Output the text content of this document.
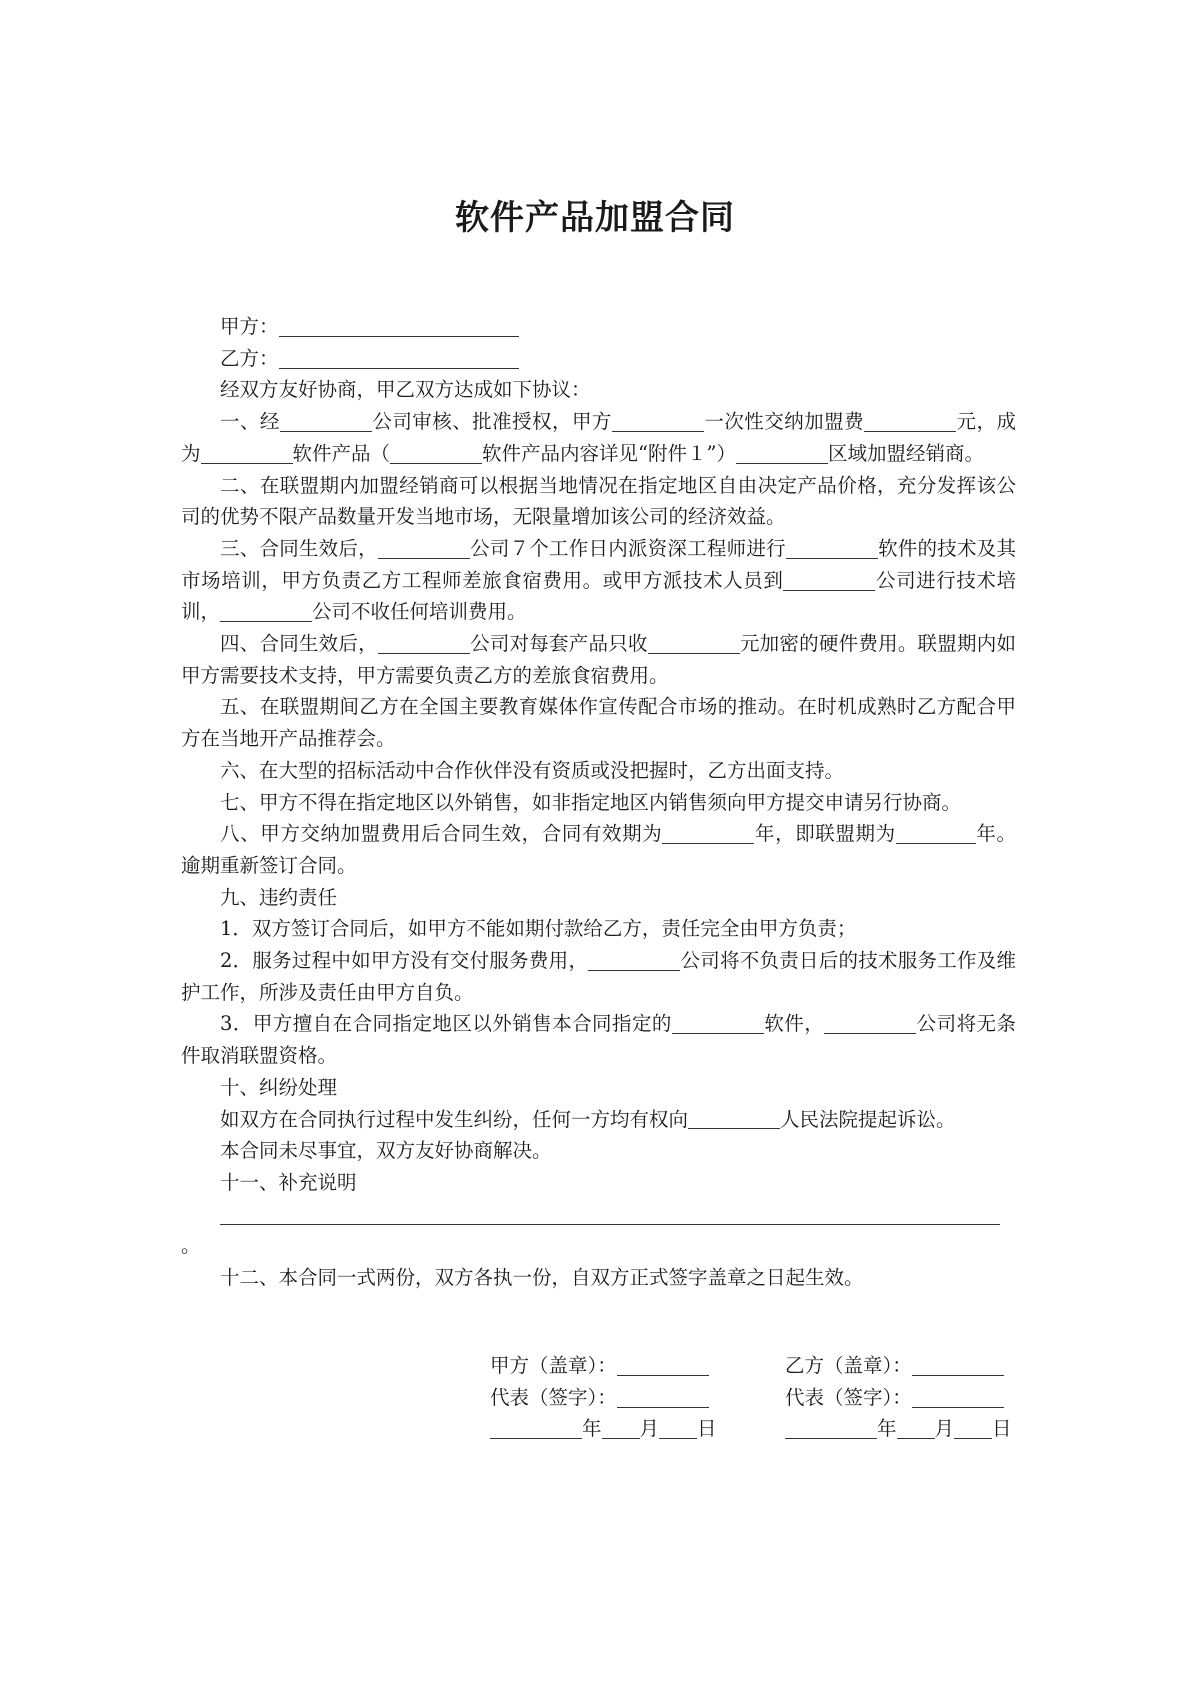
软件产品加盟合同

甲方：

乙方：

经双方友好协商，甲乙双方达成如下协议：

一、经	公司审核、批准授权，甲方	一次性交纳加盟费	元，成为	软件产品（	软件产品内容详见“附件１”）	区域加盟经销商。

二、在联盟期内加盟经销商可以根据当地情况在指定地区自由决定产品价格，充分发挥该公司的优势不限产品数量开发当地市场，无限量增加该公司的经济效益。

三、合同生效后，	公司７个工作日内派资深工程师进行	软件的技术及其市场培训，甲方负责乙方工程师差旅食宿费用。或甲方派技术人员到	公司进行技术培训，	公司不收任何培训费用。

四、合同生效后，	公司对每套产品只收	元加密的硬件费用。联盟期内如甲方需要技术支持，甲方需要负责乙方的差旅食宿费用。

五、在联盟期间乙方在全国主要教育媒体作宣传配合市场的推动。在时机成熟时乙方配合甲方在当地开产品推荐会。

六、在大型的招标活动中合作伙伴没有资质或没把握时，乙方出面支持。

七、甲方不得在指定地区以外销售，如非指定地区内销售须向甲方提交申请另行协商。

八、甲方交纳加盟费用后合同生效，合同有效期为	年，即联盟期为	年。逾期重新签订合同。

九、违约责任

1．双方签订合同后，如甲方不能如期付款给乙方，责任完全由甲方负责；

2．服务过程中如甲方没有交付服务费用，	公司将不负责日后的技术服务工作及维护工作，所涉及责任由甲方自负。

3．甲方擅自在合同指定地区以外销售本合同指定的	软件，	公司将无条件取消联盟资格。

十、纠纷处理

如双方在合同执行过程中发生纠纷，任何一方均有权向	人民法院提起诉讼。

本合同未尽事宜，双方友好协商解决。

十一、补充说明

。

十二、本合同一式两份，双方各执一份，自双方正式签字盖章之日起生效。

甲方（盖章）：	乙方（盖章）：
代表（签字）：	代表（签字）：
年 月 日	年 月 日
